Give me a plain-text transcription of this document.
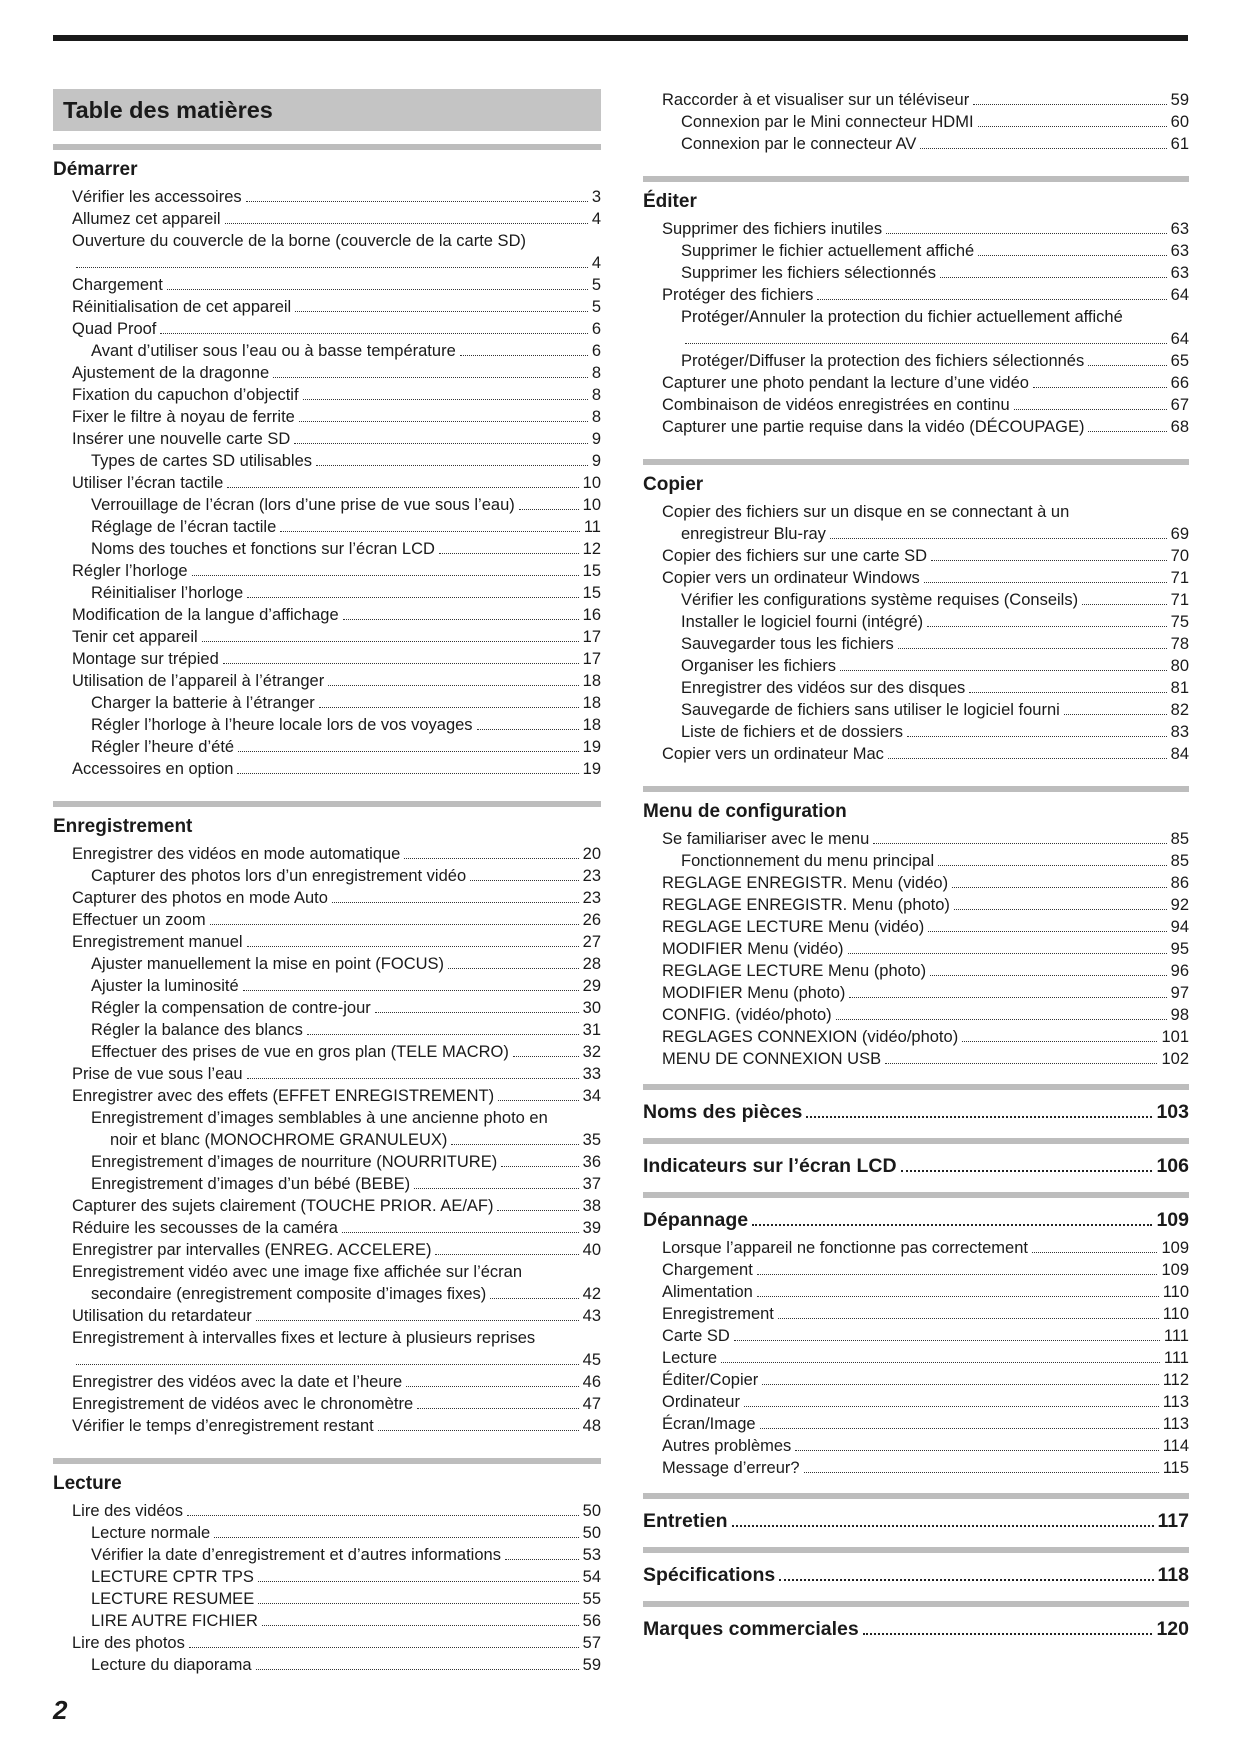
Table des matières
Démarrer
Vérifier les accessoires	3
Allumez cet appareil	4
Ouverture du couvercle de la borne (couvercle de la carte SD)
4
Chargement	5
Réinitialisation de cet appareil	5
Quad Proof	6
Avant d’utiliser sous l’eau ou à basse température	6
Ajustement de la dragonne	8
Fixation du capuchon d’objectif	8
Fixer le filtre à noyau de ferrite	8
Insérer une nouvelle carte SD	9
Types de cartes SD utilisables	9
Utiliser l’écran tactile	10
Verrouillage de l’écran (lors d’une prise de vue sous l’eau)	10
Réglage de l’écran tactile	11
Noms des touches et fonctions sur l’écran LCD	12
Régler l’horloge	15
Réinitialiser l’horloge	15
Modification de la langue d’affichage	16
Tenir cet appareil	17
Montage sur trépied	17
Utilisation de l’appareil à l’étranger	18
Charger la batterie à l’étranger	18
Régler l’horloge à l’heure locale lors de vos voyages	18
Régler l’heure d’été	19
Accessoires en option	19
Enregistrement
Enregistrer des vidéos en mode automatique	20
Capturer des photos lors d’un enregistrement vidéo	23
Capturer des photos en mode Auto	23
Effectuer un zoom	26
Enregistrement manuel	27
Ajuster manuellement la mise en point (FOCUS)	28
Ajuster la luminosité	29
Régler la compensation de contre-jour	30
Régler la balance des blancs	31
Effectuer des prises de vue en gros plan (TELE MACRO)	32
Prise de vue sous l’eau	33
Enregistrer avec des effets (EFFET ENREGISTREMENT)	34
Enregistrement d’images semblables à une ancienne photo en
noir et blanc (MONOCHROME GRANULEUX)	35
Enregistrement d’images de nourriture (NOURRITURE)	36
Enregistrement d’images d’un bébé (BEBE)	37
Capturer des sujets clairement (TOUCHE PRIOR. AE/AF)	38
Réduire les secousses de la caméra	39
Enregistrer par intervalles (ENREG. ACCELERE)	40
Enregistrement vidéo avec une image fixe affichée sur l’écran
secondaire (enregistrement composite d’images fixes)	42
Utilisation du retardateur	43
Enregistrement à intervalles fixes et lecture à plusieurs reprises
45
Enregistrer des vidéos avec la date et l’heure	46
Enregistrement de vidéos avec le chronomètre	47
Vérifier le temps d’enregistrement restant	48
Lecture
Lire des vidéos	50
Lecture normale	50
Vérifier la date d’enregistrement et d’autres informations	53
LECTURE CPTR TPS	54
LECTURE RESUMEE	55
LIRE AUTRE FICHIER	56
Lire des photos	57
Lecture du diaporama	59
Raccorder à et visualiser sur un téléviseur	59
Connexion par le Mini connecteur HDMI	60
Connexion par le connecteur AV	61
Éditer
Supprimer des fichiers inutiles	63
Supprimer le fichier actuellement affiché	63
Supprimer les fichiers sélectionnés	63
Protéger des fichiers	64
Protéger/Annuler la protection du fichier actuellement affiché
64
Protéger/Diffuser la protection des fichiers sélectionnés	65
Capturer une photo pendant la lecture d’une vidéo	66
Combinaison de vidéos enregistrées en continu	67
Capturer une partie requise dans la vidéo (DÉCOUPAGE)	68
Copier
Copier des fichiers sur un disque en se connectant à un
enregistreur Blu-ray	69
Copier des fichiers sur une carte SD	70
Copier vers un ordinateur Windows	71
Vérifier les configurations système requises (Conseils)	71
Installer le logiciel fourni (intégré)	75
Sauvegarder tous les fichiers	78
Organiser les fichiers	80
Enregistrer des vidéos sur des disques	81
Sauvegarde de fichiers sans utiliser le logiciel fourni	82
Liste de fichiers et de dossiers	83
Copier vers un ordinateur Mac	84
Menu de configuration
Se familiariser avec le menu	85
Fonctionnement du menu principal	85
REGLAGE ENREGISTR. Menu (vidéo)	86
REGLAGE ENREGISTR. Menu (photo)	92
REGLAGE LECTURE Menu (vidéo)	94
MODIFIER Menu (vidéo)	95
REGLAGE LECTURE Menu (photo)	96
MODIFIER Menu (photo)	97
CONFIG. (vidéo/photo)	98
REGLAGES CONNEXION (vidéo/photo)	101
MENU DE CONNEXION USB	102
Noms des pièces	103
Indicateurs sur l’écran LCD	106
Dépannage	109
Lorsque l’appareil ne fonctionne pas correctement	109
Chargement	109
Alimentation	110
Enregistrement	110
Carte SD	111
Lecture	111
Éditer/Copier	112
Ordinateur	113
Écran/Image	113
Autres problèmes	114
Message d’erreur?	115
Entretien	117
Spécifications	118
Marques commerciales	120
2
